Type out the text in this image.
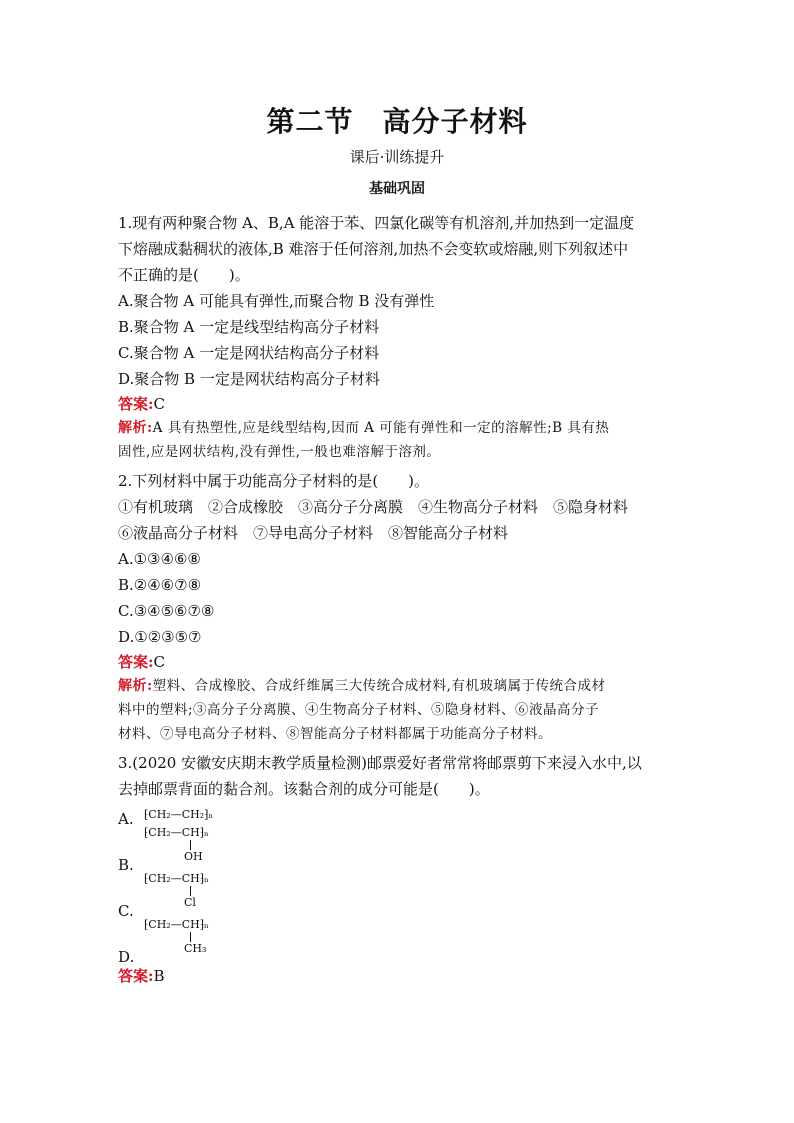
第二节　高分子材料
课后·训练提升
基础巩固
1.现有两种聚合物 A、B,A 能溶于苯、四氯化碳等有机溶剂,并加热到一定温度
下熔融成黏稠状的液体,B 难溶于任何溶剂,加热不会变软或熔融,则下列叙述中
不正确的是(　　)。
A.聚合物 A 可能具有弹性,而聚合物 B 没有弹性
B.聚合物 A 一定是线型结构高分子材料
C.聚合物 A 一定是网状结构高分子材料
D.聚合物 B 一定是网状结构高分子材料
答案:C
解析:A 具有热塑性,应是线型结构,因而 A 可能有弹性和一定的溶解性;B 具有热
固性,应是网状结构,没有弹性,一般也难溶解于溶剂。
2.下列材料中属于功能高分子材料的是(　　)。
①有机玻璃　②合成橡胶　③高分子分离膜　④生物高分子材料　⑤隐身材料
⑥液晶高分子材料　⑦导电高分子材料　⑧智能高分子材料
A.①③④⑥⑧
B.②④⑥⑦⑧
C.③④⑤⑥⑦⑧
D.①②③⑤⑦
答案:C
解析:塑料、合成橡胶、合成纤维属三大传统合成材料,有机玻璃属于传统合成材
料中的塑料;③高分子分离膜、④生物高分子材料、⑤隐身材料、⑥液晶高分子
材料、⑦导电高分子材料、⑧智能高分子材料都属于功能高分子材料。
3.(2020 安徽安庆期末教学质量检测)邮票爱好者常常将邮票剪下来浸入水中,以
去掉邮票背面的黏合剂。该黏合剂的成分可能是(　　)。
A. ⁅CH₂—CH₂⁆ₙ
⁅CH₂—CH⁆ₙ
OH
B.
⁅CH₂—CH⁆ₙ
Cl
C.
⁅CH₂—CH⁆ₙ
CH₃
D.
答案:B
